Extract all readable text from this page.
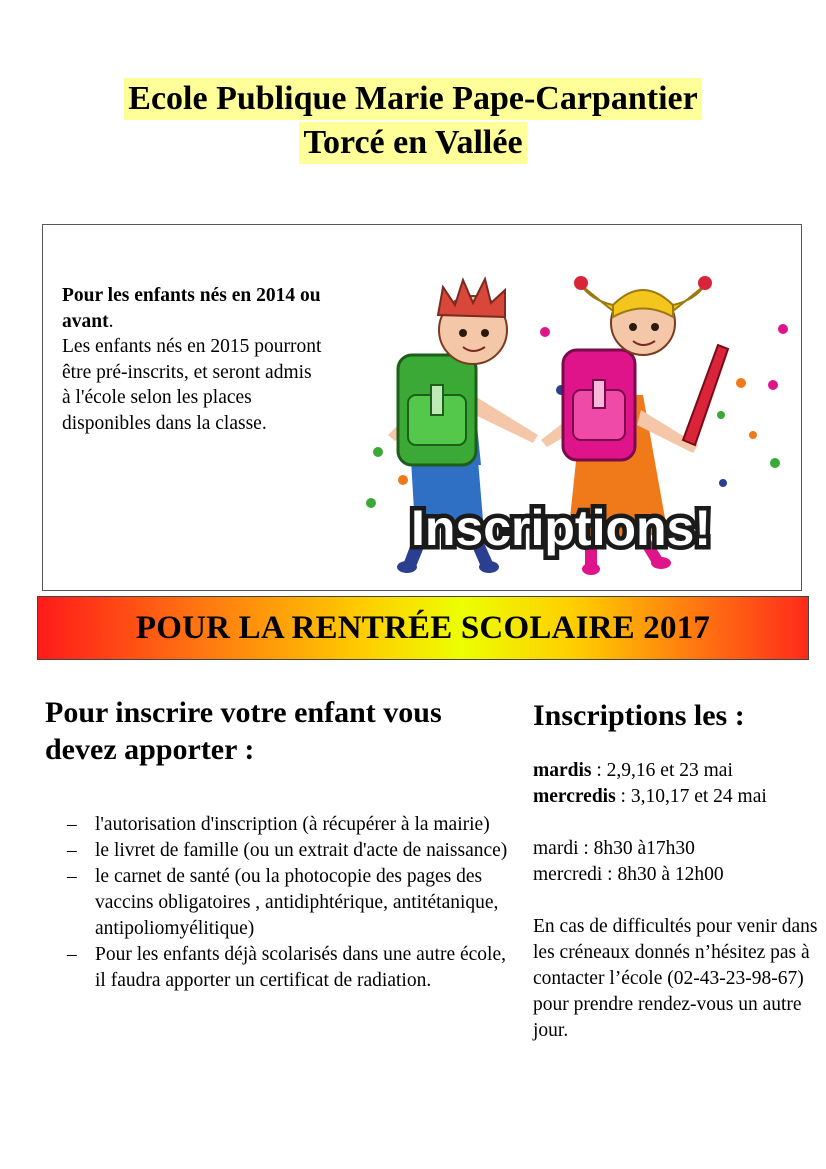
Ecole Publique Marie Pape-Carpantier
Torcé en Vallée
Pour les enfants nés en 2014 ou avant.
Les enfants nés en 2015 pourront être pré-inscrits, et seront admis à l'école selon les places disponibles dans la classe.
Inscriptions!
POUR LA RENTRÉE SCOLAIRE 2017
Pour inscrire votre enfant vous devez apporter :
– l'autorisation d'inscription (à récupérer à la mairie)
– le livret de famille (ou un extrait d'acte de naissance)
– le carnet de santé (ou la photocopie des pages des vaccins obligatoires , antidiphtérique, antitétanique, antipoliomyélitique)
– Pour les enfants déjà scolarisés dans une autre école, il faudra apporter un certificat de radiation.
Inscriptions les :
mardis : 2,9,16 et 23 mai
mercredis : 3,10,17 et 24 mai
mardi : 8h30 à17h30
mercredi : 8h30 à 12h00
En cas de difficultés pour venir dans les créneaux donnés n’hésitez pas à contacter l’école (02-43-23-98-67) pour prendre rendez-vous un autre jour.
